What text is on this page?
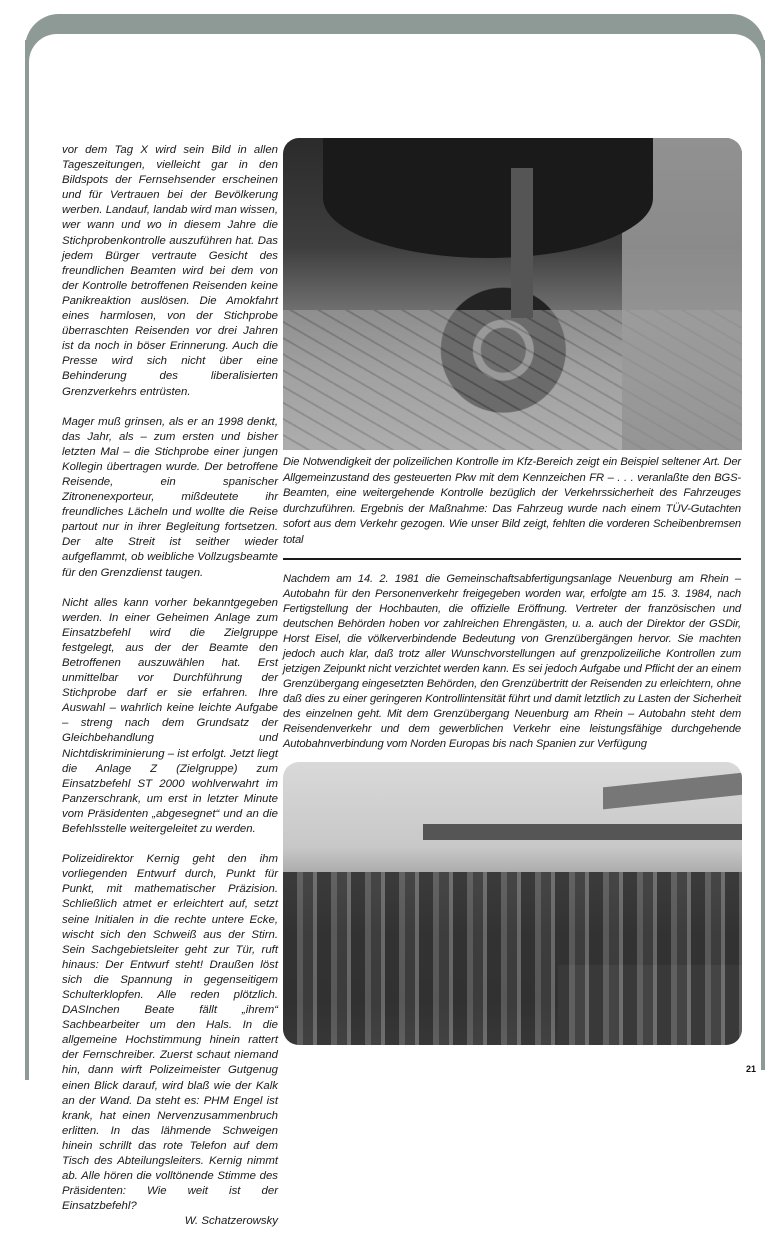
vor dem Tag X wird sein Bild in allen Tageszeitungen, vielleicht gar in den Bildspots der Fernsehsender erscheinen und für Vertrauen bei der Bevölkerung werben. Landauf, landab wird man wissen, wer wann und wo in diesem Jahre die Stichprobenkontrolle auszuführen hat. Das jedem Bürger vertraute Gesicht des freundlichen Beamten wird bei dem von der Kontrolle betroffenen Reisenden keine Panikreaktion auslösen. Die Amokfahrt eines harmlosen, von der Stichprobe überraschten Reisenden vor drei Jahren ist da noch in böser Erinnerung. Auch die Presse wird sich nicht über eine Behinderung des liberalisierten Grenzverkehrs entrüsten.

Mager muß grinsen, als er an 1998 denkt, das Jahr, als – zum ersten und bisher letzten Mal – die Stichprobe einer jungen Kollegin übertragen wurde. Der betroffene Reisende, ein spanischer Zitronenexporteur, mißdeutete ihr freundliches Lächeln und wollte die Reise partout nur in ihrer Begleitung fortsetzen. Der alte Streit ist seither wieder aufgeflammt, ob weibliche Vollzugsbeamte für den Grenzdienst taugen.

Nicht alles kann vorher bekanntgegeben werden. In einer Geheimen Anlage zum Einsatzbefehl wird die Zielgruppe festgelegt, aus der der Beamte den Betroffenen auszuwählen hat. Erst unmittelbar vor Durchführung der Stichprobe darf er sie erfahren. Ihre Auswahl – wahrlich keine leichte Aufgabe – streng nach dem Grundsatz der Gleichbehandlung und Nichtdiskriminierung – ist erfolgt. Jetzt liegt die Anlage Z (Zielgruppe) zum Einsatzbefehl ST 2000 wohlverwahrt im Panzerschrank, um erst in letzter Minute vom Präsidenten „abgesegnet“ und an die Befehlsstelle weitergeleitet zu werden.

Polizeidirektor Kernig geht den ihm vorliegenden Entwurf durch, Punkt für Punkt, mit mathematischer Präzision. Schließlich atmet er erleichtert auf, setzt seine Initialen in die rechte untere Ecke, wischt sich den Schweiß aus der Stirn. Sein Sachgebietsleiter geht zur Tür, ruft hinaus: Der Entwurf steht! Draußen löst sich die Spannung in gegenseitigem Schulterklopfen. Alle reden plötzlich. DASInchen Beate fällt „ihrem“ Sachbearbeiter um den Hals. In die allgemeine Hochstimmung hinein rattert der Fernschreiber. Zuerst schaut niemand hin, dann wirft Polizeimeister Gutgenug einen Blick darauf, wird blaß wie der Kalk an der Wand. Da steht es: PHM Engel ist krank, hat einen Nervenzusammenbruch erlitten. In das lähmende Schweigen hinein schrillt das rote Telefon auf dem Tisch des Abteilungsleiters. Kernig nimmt ab. Alle hören die volltönende Stimme des Präsidenten: Wie weit ist der Einsatzbefehl?

W. Schatzerowsky

Die Notwendigkeit der polizeilichen Kontrolle im Kfz-Bereich zeigt ein Beispiel seltener Art. Der Allgemeinzustand des gesteuerten Pkw mit dem Kennzeichen FR – . . . veranlaßte den BGS-Beamten, eine weitergehende Kontrolle bezüglich der Verkehrssicherheit des Fahrzeuges durchzuführen. Ergebnis der Maßnahme: Das Fahrzeug wurde nach einem TÜV-Gutachten sofort aus dem Verkehr gezogen. Wie unser Bild zeigt, fehlten die vorderen Scheibenbremsen total
Nachdem am 14. 2. 1981 die Gemeinschaftsabfertigungsanlage Neuenburg am Rhein – Autobahn für den Personenverkehr freigegeben worden war, erfolgte am 15. 3. 1984, nach Fertigstellung der Hochbauten, die offizielle Eröffnung. Vertreter der französischen und deutschen Behörden hoben vor zahlreichen Ehrengästen, u. a. auch der Direktor der GSDir, Horst Eisel, die völkerverbindende Bedeutung von Grenzübergängen hervor. Sie machten jedoch auch klar, daß trotz aller Wunschvorstellungen auf grenzpolizeiliche Kontrollen zum jetzigen Zeipunkt nicht verzichtet werden kann. Es sei jedoch Aufgabe und Pflicht der an einem Grenzübergang eingesetzten Behörden, den Grenzübertritt der Reisenden zu erleichtern, ohne daß dies zu einer geringeren Kontrollintensität führt und damit letztlich zu Lasten der Sicherheit des einzelnen geht. Mit dem Grenzübergang Neuenburg am Rhein – Autobahn steht dem Reisendenverkehr und dem gewerblichen Verkehr eine leistungsfähige durchgehende Autobahnverbindung vom Norden Europas bis nach Spanien zur Verfügung
21
